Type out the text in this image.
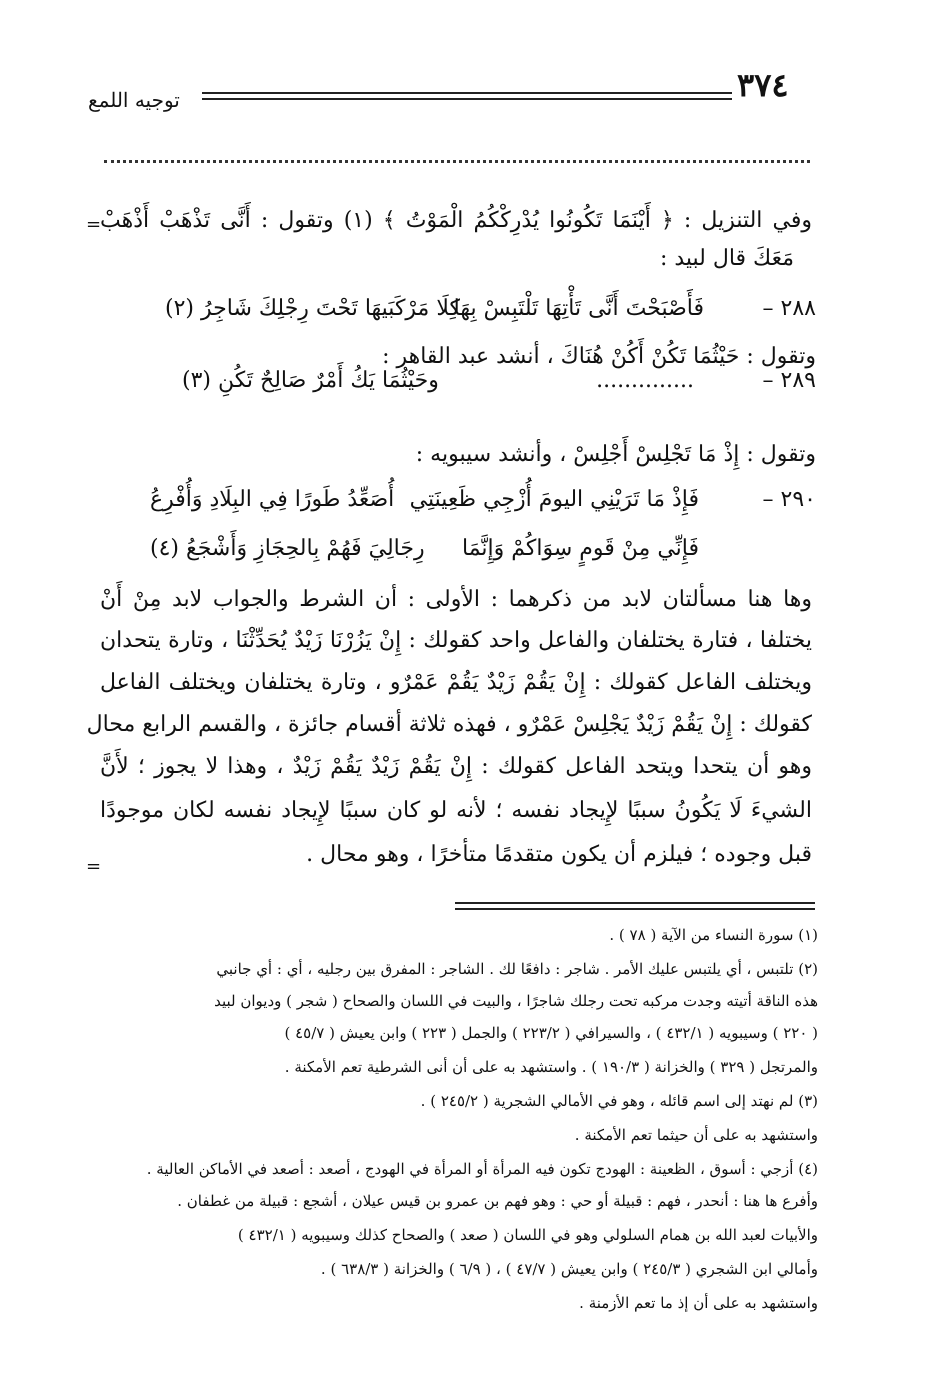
٣٧٤
توجيه اللمع
=
=
وفي التنزيل : ﴿ أَيْنَمَا تَكُونُوا يُدْرِكْكُمُ الْمَوْتُ ﴾ (١) وتقول : أَنَّى تَذْهَبْ أَذْهَبْ
مَعَكَ قال لبيد :
٢٨٨ –
فَأَصْبَحْتَ أَنَّى تَأْتِهَا تَلْتَبِسْ بِهَا
كِلَا مَرْكَبَيهَا تَحْتَ رِجْلِكَ شَاجِرُ (٢)
وتقول : حَيْثُمَا تَكُنْ أَكُنْ هُنَاكَ ، أنشد عبد القاهر :
٢٨٩ –
..............
وحَيْثُمَا يَكُ أَمْرٌ صَالِحٌ تَكُنِ (٣)
وتقول : إِذْ مَا تَجْلِسْ أَجْلِسْ ، وأنشد سيبويه :
٢٩٠ –
فَإِذْ مَا تَرَيْنِي اليومَ أُزْجِي ظَعِينَتِي
أُصَعِّدُ طَورًا فِي البِلَادِ وَأُفْرِعُ
فَإِنِّي مِنْ قَومٍ سِوَاكُمْ وَإِنَّمَا
رِجَالِيَ فَهُمْ بِالحِجَازِ وَأَشْجَعُ (٤)
وها هنا مسألتان لابد من ذكرهما : الأولى : أن الشرط والجواب لابد مِنْ أَنْ
يختلفا ، فتارة يختلفان والفاعل واحد كقولك : إِنْ يَزُرْنَا زَيْدٌ يُحَدِّثْنَا ، وتارة يتحدان
ويختلف الفاعل كقولك : إِنْ يَقُمْ زَيْدٌ يَقُمْ عَمْرٌو ، وتارة يختلفان ويختلف الفاعل
كقولك : إِنْ يَقُمْ زَيْدٌ يَجْلِسْ عَمْرٌو ، فهذه ثلاثة أقسام جائزة ، والقسم الرابع محال
وهو أن يتحدا ويتحد الفاعل كقولك : إِنْ يَقُمْ زَيْدٌ يَقُمْ زَيْدٌ ، وهذا لا يجوز ؛ لأَنَّ
الشيءَ لَا يَكُونُ سببًا لإِيجاد نفسه ؛ لأنه لو كان سببًا لإِيجاد نفسه لكان موجودًا
قبل وجوده ؛ فيلزم أن يكون متقدمًا متأخرًا ، وهو محال .
(١) سورة النساء من الآية ( ٧٨ ) .
(٢) تلتبس ، أي يلتبس عليك الأمر . شاجر : دافعًا لك . الشاجر : المفرق بين رجليه ، أي : أي جانبي
هذه الناقة أتيته وجدت مركبه تحت رجلك شاجرًا ، والبيت في اللسان والصحاح ( شجر ) وديوان لبيد
( ٢٢٠ ) وسيبويه ( ٤٣٢/١ ) ، والسيرافي ( ٢٢٣/٢ ) والجمل ( ٢٢٣ ) وابن يعيش ( ٤٥/٧ )
والمرتجل ( ٣٢٩ ) والخزانة ( ١٩٠/٣ ) . واستشهد به على أن أنى الشرطية تعم الأمكنة .
(٣) لم نهتد إلى اسم قائله ، وهو في الأمالي الشجرية ( ٢٤٥/٢ ) .
واستشهد به على أن حيثما تعم الأمكنة .
(٤) أزجي : أسوق ، الظعينة : الهودج تكون فيه المرأة أو المرأة في الهودج ، أصعد : أصعد في الأماكن العالية .
وأفرع ها هنا : أنحدر ، فهم : قبيلة أو حي : وهو فهم بن عمرو بن قيس عيلان ، أشجع : قبيلة من غطفان .
والأبيات لعبد الله بن همام السلولي وهو في اللسان ( صعد ) والصحاح كذلك وسيبويه ( ٤٣٢/١ )
وأمالي ابن الشجري ( ٢٤٥/٣ ) وابن يعيش ( ٤٧/٧ ) ، ( ٦/٩ ) والخزانة ( ٦٣٨/٣ ) .
واستشهد به على أن إذ ما تعم الأزمنة .
